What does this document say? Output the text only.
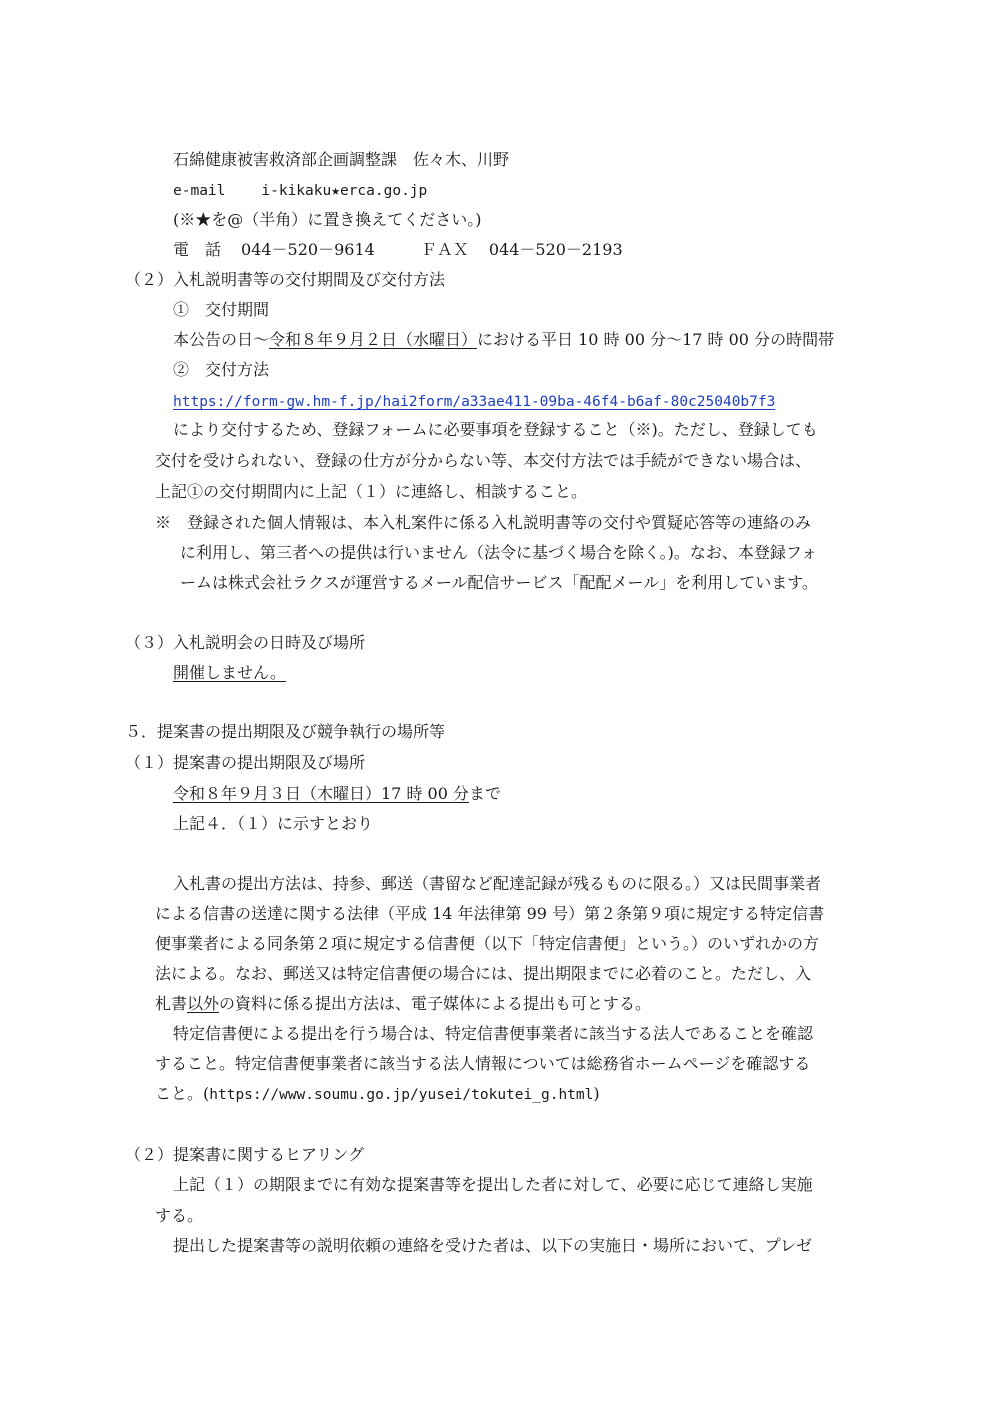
石綿健康被害救済部企画調整課　佐々木、川野

e-mail i-kikaku★erca.go.jp

(※★を@（半角）に置き換えてください。)

電　話 044－520－9614	ＦＡＸ 044－520－2193

（２）入札説明書等の交付期間及び交付方法

①　交付期間

本公告の日～令和８年９月２日（水曜日）における平日 10 時 00 分～17 時 00 分の時間帯

②　交付方法

https://form-gw.hm-f.jp/hai2form/a33ae411-09ba-46f4-b6af-80c25040b7f3

により交付するため、登録フォームに必要事項を登録すること（※)。ただし、登録しても

交付を受けられない、登録の仕方が分からない等、本交付方法では手続ができない場合は、

上記①の交付期間内に上記（１）に連絡し、相談すること。

※　登録された個人情報は、本入札案件に係る入札説明書等の交付や質疑応答等の連絡のみ

に利用し、第三者への提供は行いません（法令に基づく場合を除く。)。なお、本登録フォ

ームは株式会社ラクスが運営するメール配信サービス「配配メール」を利用しています。

（３）入札説明会の日時及び場所

開催しません。

５．提案書の提出期限及び競争執行の場所等

（１）提案書の提出期限及び場所

令和８年９月３日（木曜日）17 時 00 分まで

上記４．（１）に示すとおり

入札書の提出方法は、持参、郵送（書留など配達記録が残るものに限る。）又は民間事業者

による信書の送達に関する法律（平成 14 年法律第 99 号）第２条第９項に規定する特定信書

便事業者による同条第２項に規定する信書便（以下「特定信書便」という。）のいずれかの方

法による。なお、郵送又は特定信書便の場合には、提出期限までに必着のこと。ただし、入

札書以外の資料に係る提出方法は、電子媒体による提出も可とする。

特定信書便による提出を行う場合は、特定信書便事業者に該当する法人であることを確認

すること。特定信書便事業者に該当する法人情報については総務省ホームページを確認する

こと。(https://www.soumu.go.jp/yusei/tokutei_g.html)

（２）提案書に関するヒアリング

上記（１）の期限までに有効な提案書等を提出した者に対して、必要に応じて連絡し実施

する。

提出した提案書等の説明依頼の連絡を受けた者は、以下の実施日・場所において、プレゼ
